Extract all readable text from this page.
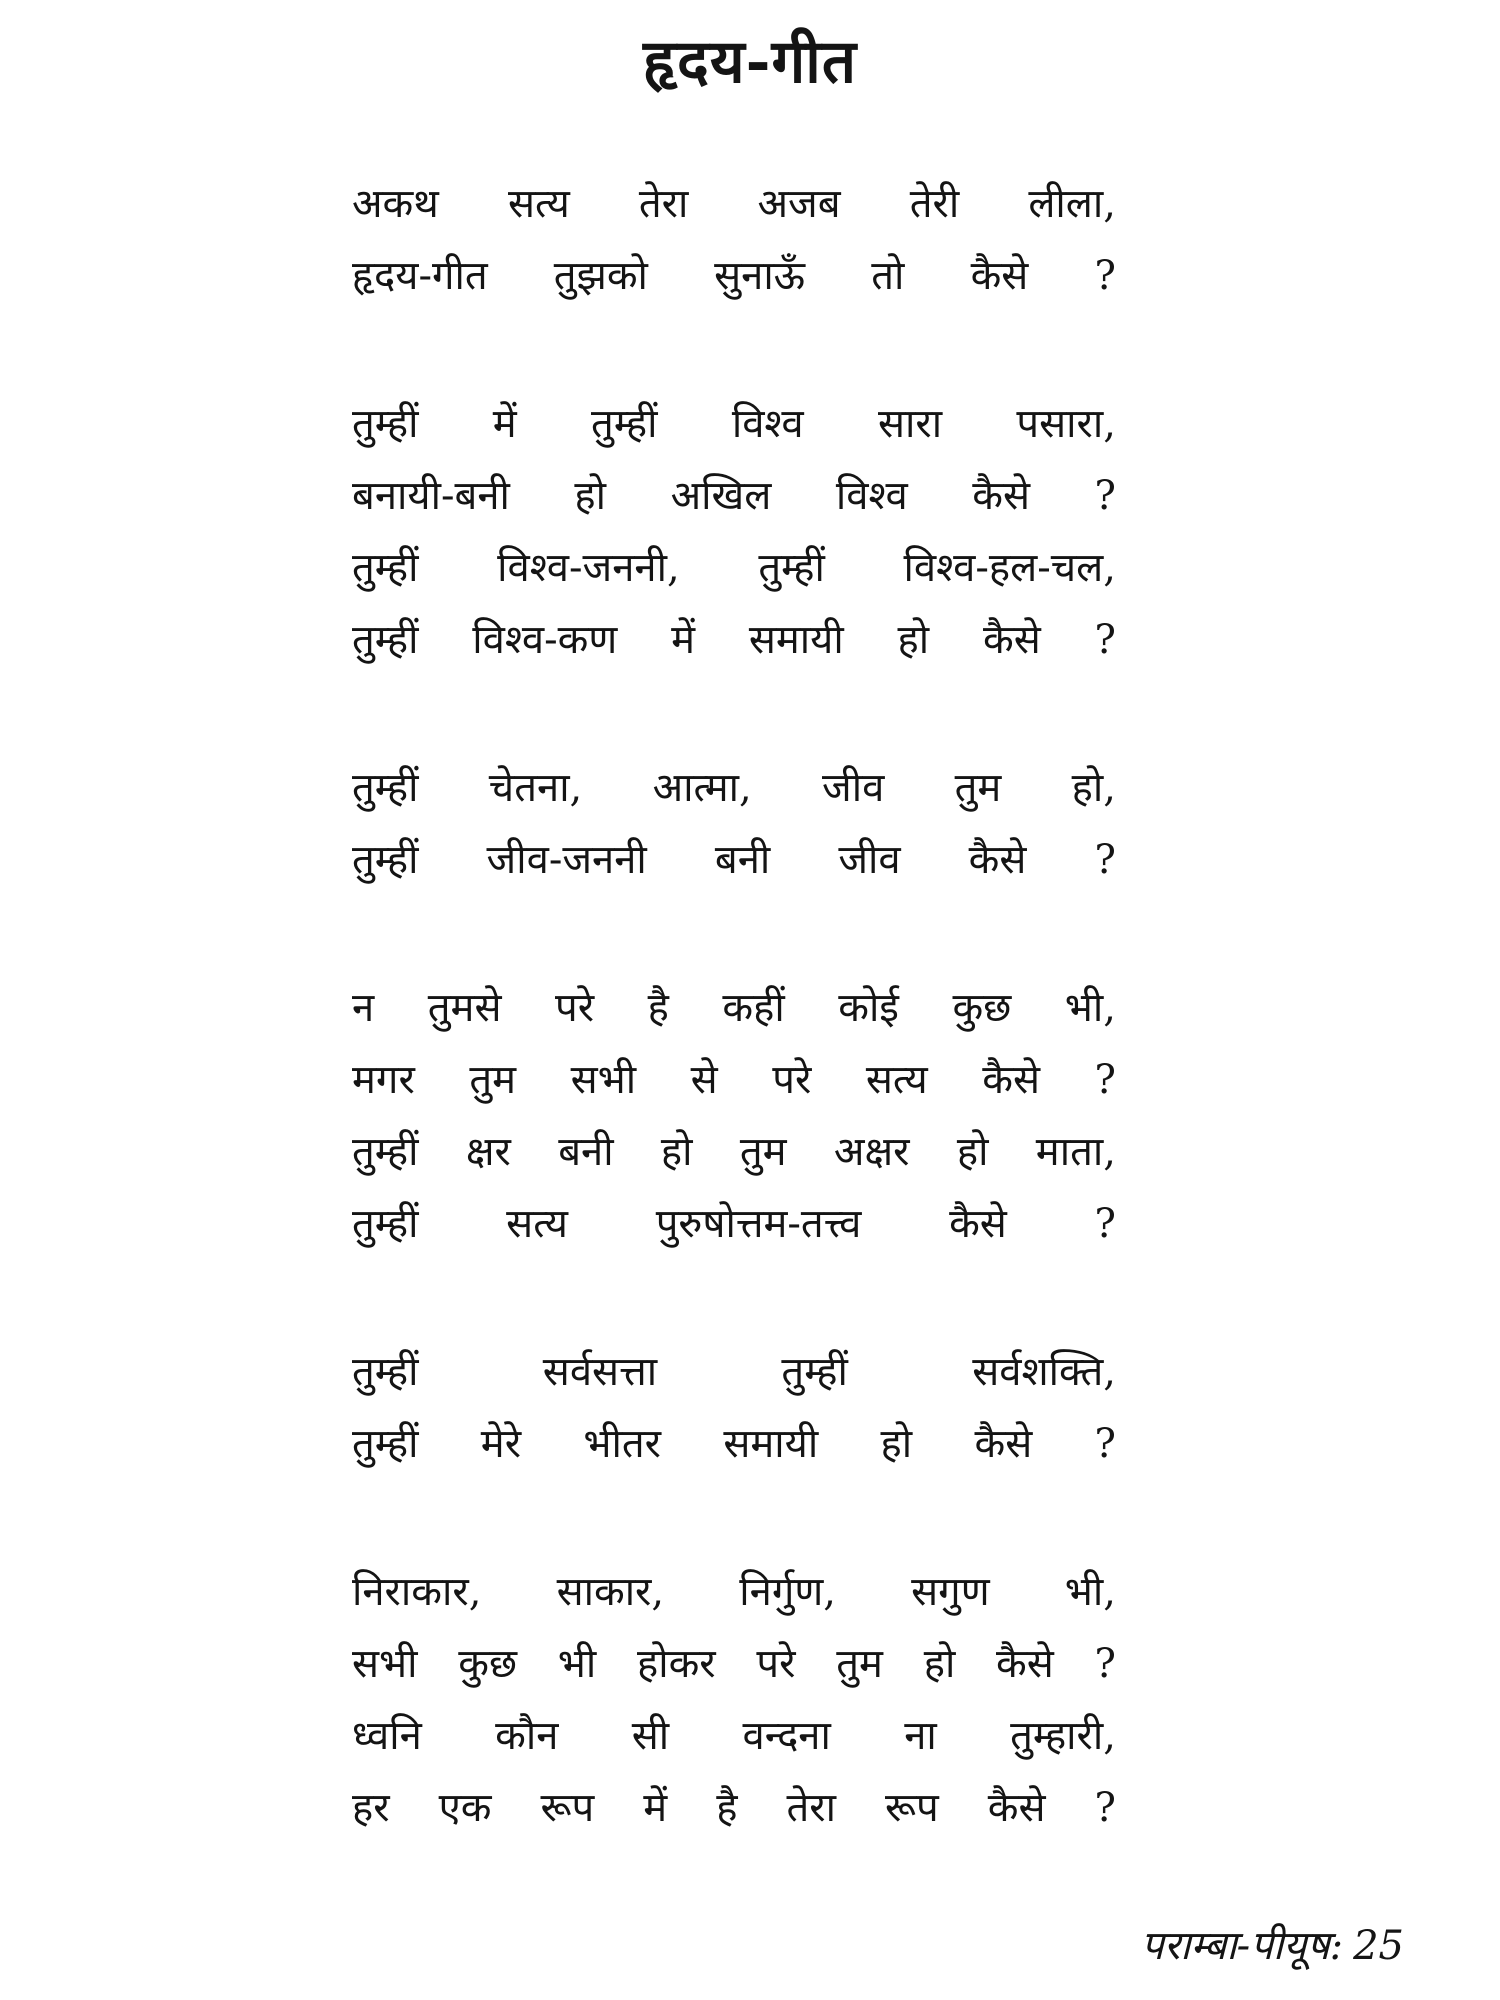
हृदय-गीत
अकथ सत्य तेरा अजब तेरी लीला,
हृदय-गीत तुझको सुनाऊँ तो कैसे ?
तुम्हीं में तुम्हीं विश्व सारा पसारा,
बनायी-बनी हो अखिल विश्व कैसे ?
तुम्हीं विश्व-जननी, तुम्हीं विश्व-हल-चल,
तुम्हीं विश्व-कण में समायी हो कैसे ?
तुम्हीं चेतना, आत्मा, जीव तुम हो,
तुम्हीं जीव-जननी बनी जीव कैसे ?
न तुमसे परे है कहीं कोई कुछ भी,
मगर तुम सभी से परे सत्य कैसे ?
तुम्हीं क्षर बनी हो तुम अक्षर हो माता,
तुम्हीं सत्य पुरुषोत्तम-तत्त्व कैसे ?
तुम्हीं	सर्वसत्ता	तुम्हीं	सर्वशक्ति,
तुम्हीं मेरे भीतर समायी हो कैसे ?
निराकार, साकार, निर्गुण, सगुण भी,
सभी कुछ भी होकर परे तुम हो कैसे ?
ध्वनि कौन सी वन्दना ना तुम्हारी,
हर एक रूप में है तेरा रूप कैसे ?
पराम्बा-पीयूष: 25
